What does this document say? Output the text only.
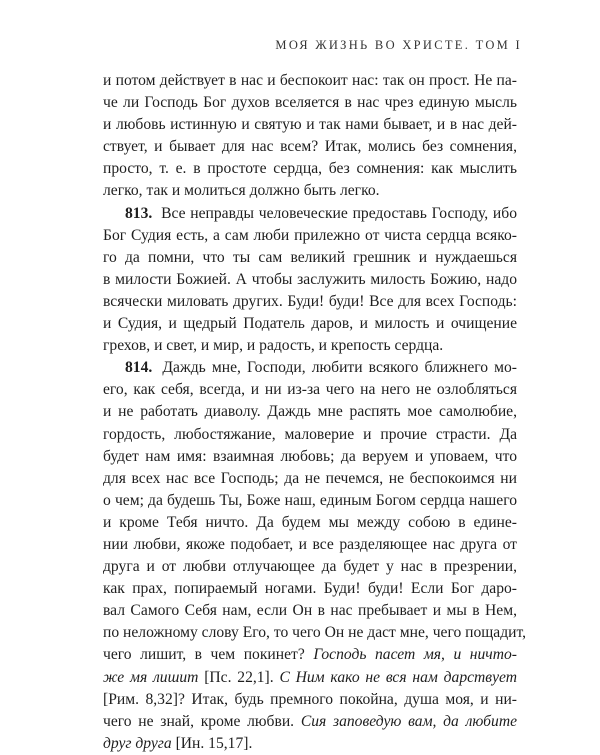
МОЯ ЖИЗНЬ ВО ХРИСТЕ. ТОМ I
и потом действует в нас и беспокоит нас: так он прост. Не па-
че ли Господь Бог духов вселяется в нас чрез единую мысль
и любовь истинную и святую и так нами бывает, и в нас дей-
ствует, и бывает для нас всем? Итак, молись без сомнения,
просто, т. е. в простоте сердца, без сомнения: как мыслить
легко, так и молиться должно быть легко.
813. Все неправды человеческие предоставь Господу, ибо
Бог Судия есть, а сам люби прилежно от чиста сердца всяко-
го да помни, что ты сам великий грешник и нуждаешься
в милости Божией. А чтобы заслужить милость Божию, надо
всячески миловать других. Буди! буди! Все для всех Господь:
и Судия, и щедрый Податель даров, и милость и очищение
грехов, и свет, и мир, и радость, и крепость сердца.
814. Даждь мне, Господи, любити всякого ближнего мо-
его, как себя, всегда, и ни из-за чего на него не озлобляться
и не работать диаволу. Даждь мне распять мое самолюбие,
гордость, любостяжание, маловерие и прочие страсти. Да
будет нам имя: взаимная любовь; да веруем и уповаем, что
для всех нас все Господь; да не печемся, не беспокоимся ни
о чем; да будешь Ты, Боже наш, единым Богом сердца нашего
и кроме Тебя ничто. Да будем мы между собою в едине-
нии любви, якоже подобает, и все разделяющее нас друга от
друга и от любви отлучающее да будет у нас в презрении,
как прах, попираемый ногами. Буди! буди! Если Бог даро-
вал Самого Себя нам, если Он в нас пребывает и мы в Нем,
по неложному слову Его, то чего Он не даст мне, чего пощадит,
чего лишит, в чем покинет? Господь пасет мя, и ничто-
же мя лишит [Пс. 22,1]. С Ним како не вся нам дарствует
[Рим. 8,32]? Итак, будь премного покойна, душа моя, и ни-
чего не знай, кроме любви. Сия заповедую вам, да любите
друг друга [Ин. 15,17].
